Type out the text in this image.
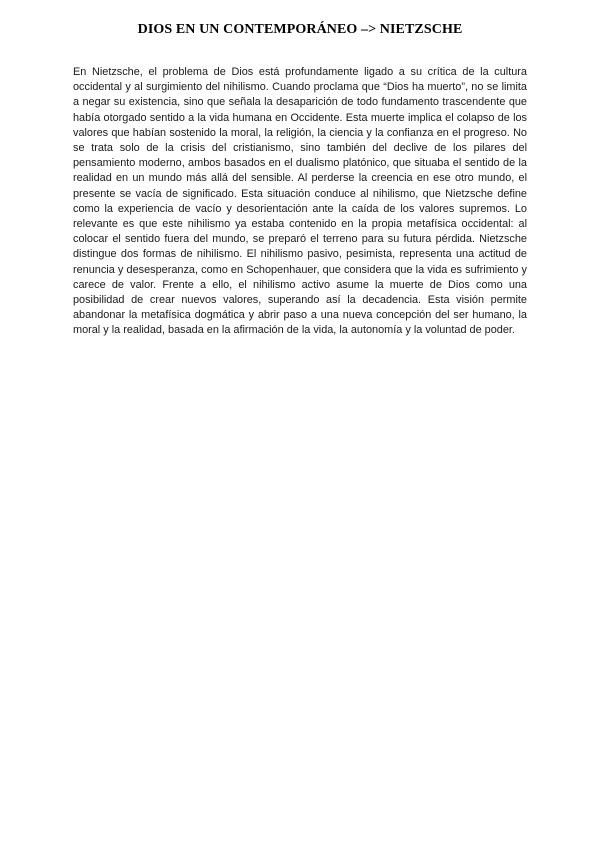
DIOS EN UN CONTEMPORÁNEO –> NIETZSCHE

En Nietzsche, el problema de Dios está profundamente ligado a su crítica de la cultura occidental y al surgimiento del nihilismo. Cuando proclama que “Dios ha muerto”, no se limita a negar su existencia, sino que señala la desaparición de todo fundamento trascendente que había otorgado sentido a la vida humana en Occidente. Esta muerte implica el colapso de los valores que habían sostenido la moral, la religión, la ciencia y la confianza en el progreso. No se trata solo de la crisis del cristianismo, sino también del declive de los pilares del pensamiento moderno, ambos basados en el dualismo platónico, que situaba el sentido de la realidad en un mundo más allá del sensible. Al perderse la creencia en ese otro mundo, el presente se vacía de significado. Esta situación conduce al nihilismo, que Nietzsche define como la experiencia de vacío y desorientación ante la caída de los valores supremos. Lo relevante es que este nihilismo ya estaba contenido en la propia metafísica occidental: al colocar el sentido fuera del mundo, se preparó el terreno para su futura pérdida. Nietzsche distingue dos formas de nihilismo. El nihilismo pasivo, pesimista, representa una actitud de renuncia y desesperanza, como en Schopenhauer, que considera que la vida es sufrimiento y carece de valor. Frente a ello, el nihilismo activo asume la muerte de Dios como una posibilidad de crear nuevos valores, superando así la decadencia. Esta visión permite abandonar la metafísica dogmática y abrir paso a una nueva concepción del ser humano, la moral y la realidad, basada en la afirmación de la vida, la autonomía y la voluntad de poder.
